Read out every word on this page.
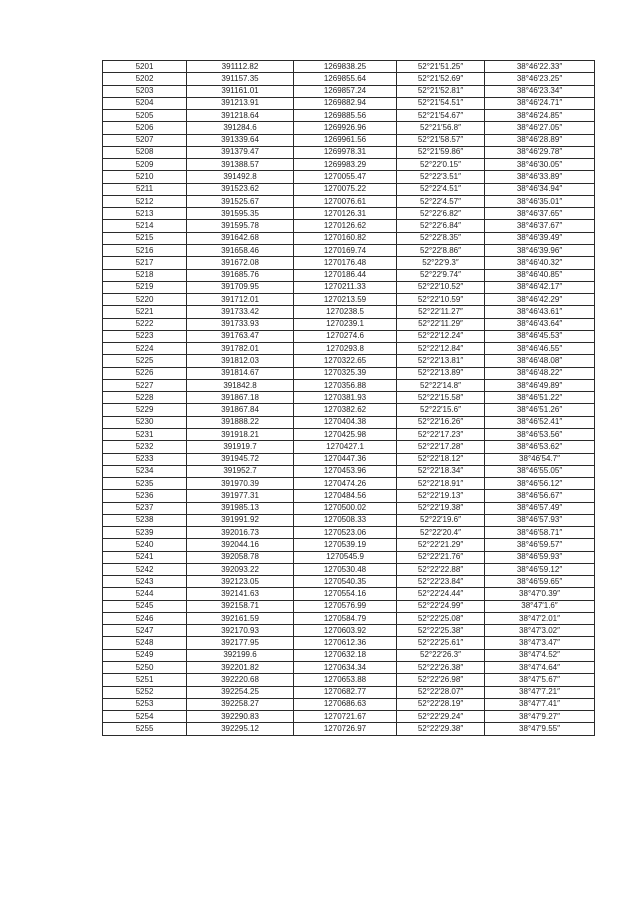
5201	391112.82	1269838.25	52°21′51.25″	38°46′22.33″
5202	391157.35	1269855.64	52°21′52.69″	38°46′23.25″
5203	391161.01	1269857.24	52°21′52.81″	38°46′23.34″
5204	391213.91	1269882.94	52°21′54.51″	38°46′24.71″
5205	391218.64	1269885.56	52°21′54.67″	38°46′24.85″
5206	391284.6	1269926.96	52°21′56.8″	38°46′27.05″
5207	391339.64	1269961.56	52°21′58.57″	38°46′28.89″
5208	391379.47	1269978.31	52°21′59.86″	38°46′29.78″
5209	391388.57	1269983.29	52°22′0.15″	38°46′30.05″
5210	391492.8	1270055.47	52°22′3.51″	38°46′33.89″
5211	391523.62	1270075.22	52°22′4.51″	38°46′34.94″
5212	391525.67	1270076.61	52°22′4.57″	38°46′35.01″
5213	391595.35	1270126.31	52°22′6.82″	38°46′37.65″
5214	391595.78	1270126.62	52°22′6.84″	38°46′37.67″
5215	391642.68	1270160.82	52°22′8.35″	38°46′39.49″
5216	391658.46	1270169.74	52°22′8.86″	38°46′39.96″
5217	391672.08	1270176.48	52°22′9.3″	38°46′40.32″
5218	391685.76	1270186.44	52°22′9.74″	38°46′40.85″
5219	391709.95	1270211.33	52°22′10.52″	38°46′42.17″
5220	391712.01	1270213.59	52°22′10.59″	38°46′42.29″
5221	391733.42	1270238.5	52°22′11.27″	38°46′43.61″
5222	391733.93	1270239.1	52°22′11.29″	38°46′43.64″
5223	391763.47	1270274.6	52°22′12.24″	38°46′45.53″
5224	391782.01	1270293.8	52°22′12.84″	38°46′46.55″
5225	391812.03	1270322.65	52°22′13.81″	38°46′48.08″
5226	391814.67	1270325.39	52°22′13.89″	38°46′48.22″
5227	391842.8	1270356.88	52°22′14.8″	38°46′49.89″
5228	391867.18	1270381.93	52°22′15.58″	38°46′51.22″
5229	391867.84	1270382.62	52°22′15.6″	38°46′51.26″
5230	391888.22	1270404.38	52°22′16.26″	38°46′52.41″
5231	391918.21	1270425.98	52°22′17.23″	38°46′53.56″
5232	391919.7	1270427.1	52°22′17.28″	38°46′53.62″
5233	391945.72	1270447.36	52°22′18.12″	38°46′54.7″
5234	391952.7	1270453.96	52°22′18.34″	38°46′55.05″
5235	391970.39	1270474.26	52°22′18.91″	38°46′56.12″
5236	391977.31	1270484.56	52°22′19.13″	38°46′56.67″
5237	391985.13	1270500.02	52°22′19.38″	38°46′57.49″
5238	391991.92	1270508.33	52°22′19.6″	38°46′57.93″
5239	392016.73	1270523.06	52°22′20.4″	38°46′58.71″
5240	392044.16	1270539.19	52°22′21.29″	38°46′59.57″
5241	392058.78	1270545.9	52°22′21.76″	38°46′59.93″
5242	392093.22	1270530.48	52°22′22.88″	38°46′59.12″
5243	392123.05	1270540.35	52°22′23.84″	38°46′59.65″
5244	392141.63	1270554.16	52°22′24.44″	38°47′0.39″
5245	392158.71	1270576.99	52°22′24.99″	38°47′1.6″
5246	392161.59	1270584.79	52°22′25.08″	38°47′2.01″
5247	392170.93	1270603.92	52°22′25.38″	38°47′3.02″
5248	392177.95	1270612.36	52°22′25.61″	38°47′3.47″
5249	392199.6	1270632.18	52°22′26.3″	38°47′4.52″
5250	392201.82	1270634.34	52°22′26.38″	38°47′4.64″
5251	392220.68	1270653.88	52°22′26.98″	38°47′5.67″
5252	392254.25	1270682.77	52°22′28.07″	38°47′7.21″
5253	392258.27	1270686.63	52°22′28.19″	38°47′7.41″
5254	392290.83	1270721.67	52°22′29.24″	38°47′9.27″
5255	392295.12	1270726.97	52°22′29.38″	38°47′9.55″
